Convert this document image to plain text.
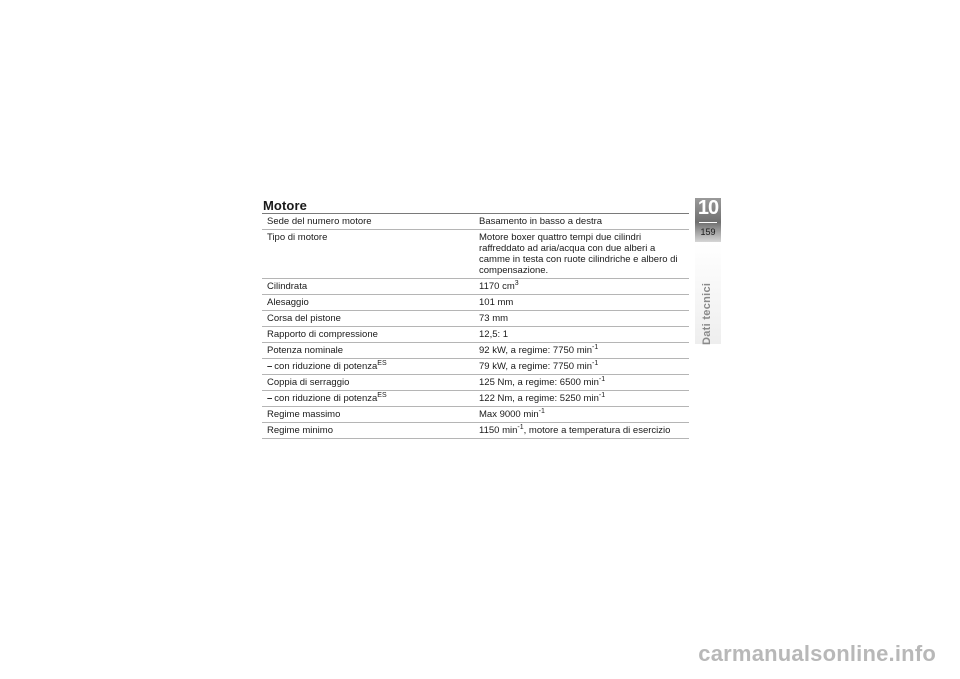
Motore
Sede del numero motore	Basamento in basso a destra
Tipo di motore	Motore boxer quattro tempi due cilindri raffreddato ad aria/acqua con due alberi a camme in testa con ruote cilindriche e albero di compensazione.
Cilindrata	1170 $cm^3$
Alesaggio	101 mm
Corsa del pistone	73 mm
Rapporto di compressione	12,5: 1
Potenza nominale	92 kW, a regime: 7750 $\min^{-1}$
– con riduzione di potenza$^{ES}$	79 kW, a regime: 7750 $\min^{-1}$
Coppia di serraggio	125 Nm, a regime: 6500 $\min^{-1}$
– con riduzione di potenza$^{ES}$	122 Nm, a regime: 5250 $\min^{-1}$
Regime massimo	Max 9000 $\min^{-1}$
Regime minimo	1150 $\min^{-1}$, motore a temperatura di esercizio
10
159
Dati tecnici
carmanualsonline.info
